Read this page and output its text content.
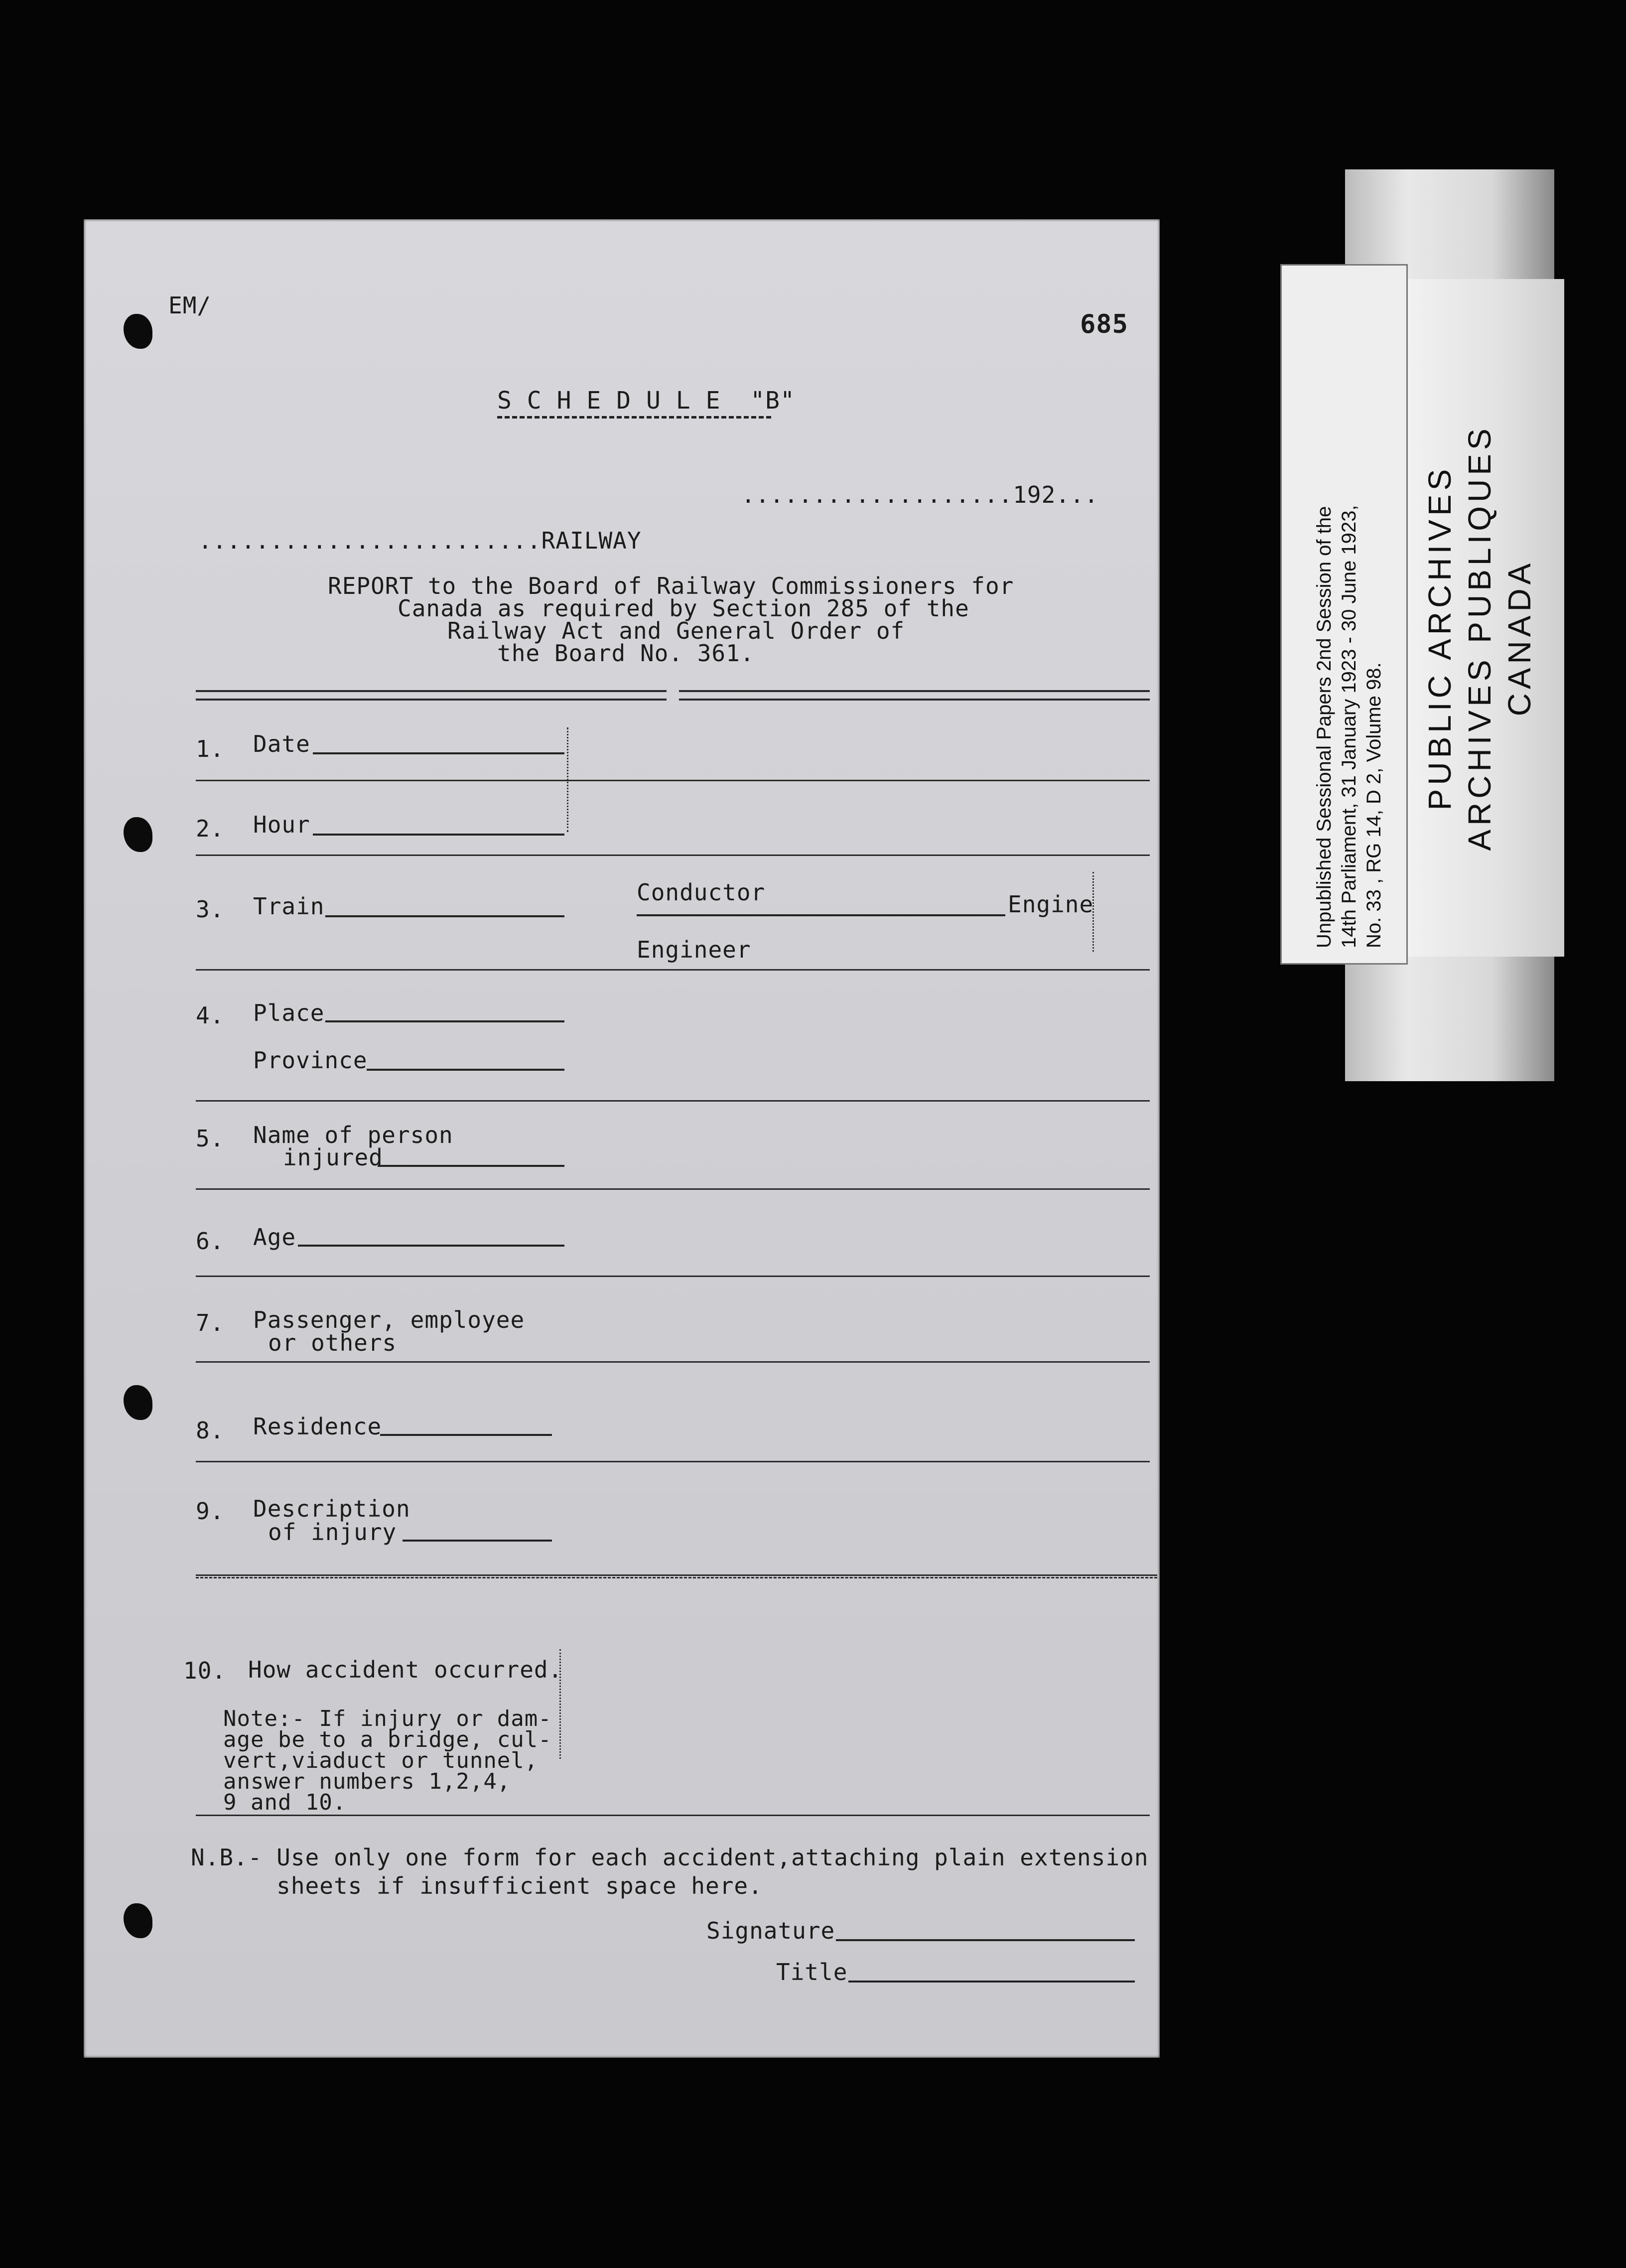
PUBLIC ARCHIVES ARCHIVES PUBLIQUES CANADA
Unpublished Sessional Papers 2nd Session of the 14th Parliament, 31 January 1923 - 30 June 1923, No. 33 , RG 14, D 2, Volume 98.
EM/
685
S C H E D U L E  "B"
...................192...
........................RAILWAY
REPORT to the Board of Railway Commissioners for
Canada as required by Section 285 of the
Railway Act and General Order of
the Board No. 361.
1. Date
2. Hour
3. Train
Conductor	Engine
Engineer
4. Place
Province
5. Name of person
injured
6. Age
7. Passenger, employee
or others
8. Residence
9. Description
of injury
10. How accident occurred.
Note:- If injury or dam-
age be to a bridge, cul-
vert,viaduct or tunnel,
answer numbers 1,2,4,
9 and 10.
N.B.- Use only one form for each accident,attaching plain extension
sheets if insufficient space here.
Signature
Title
